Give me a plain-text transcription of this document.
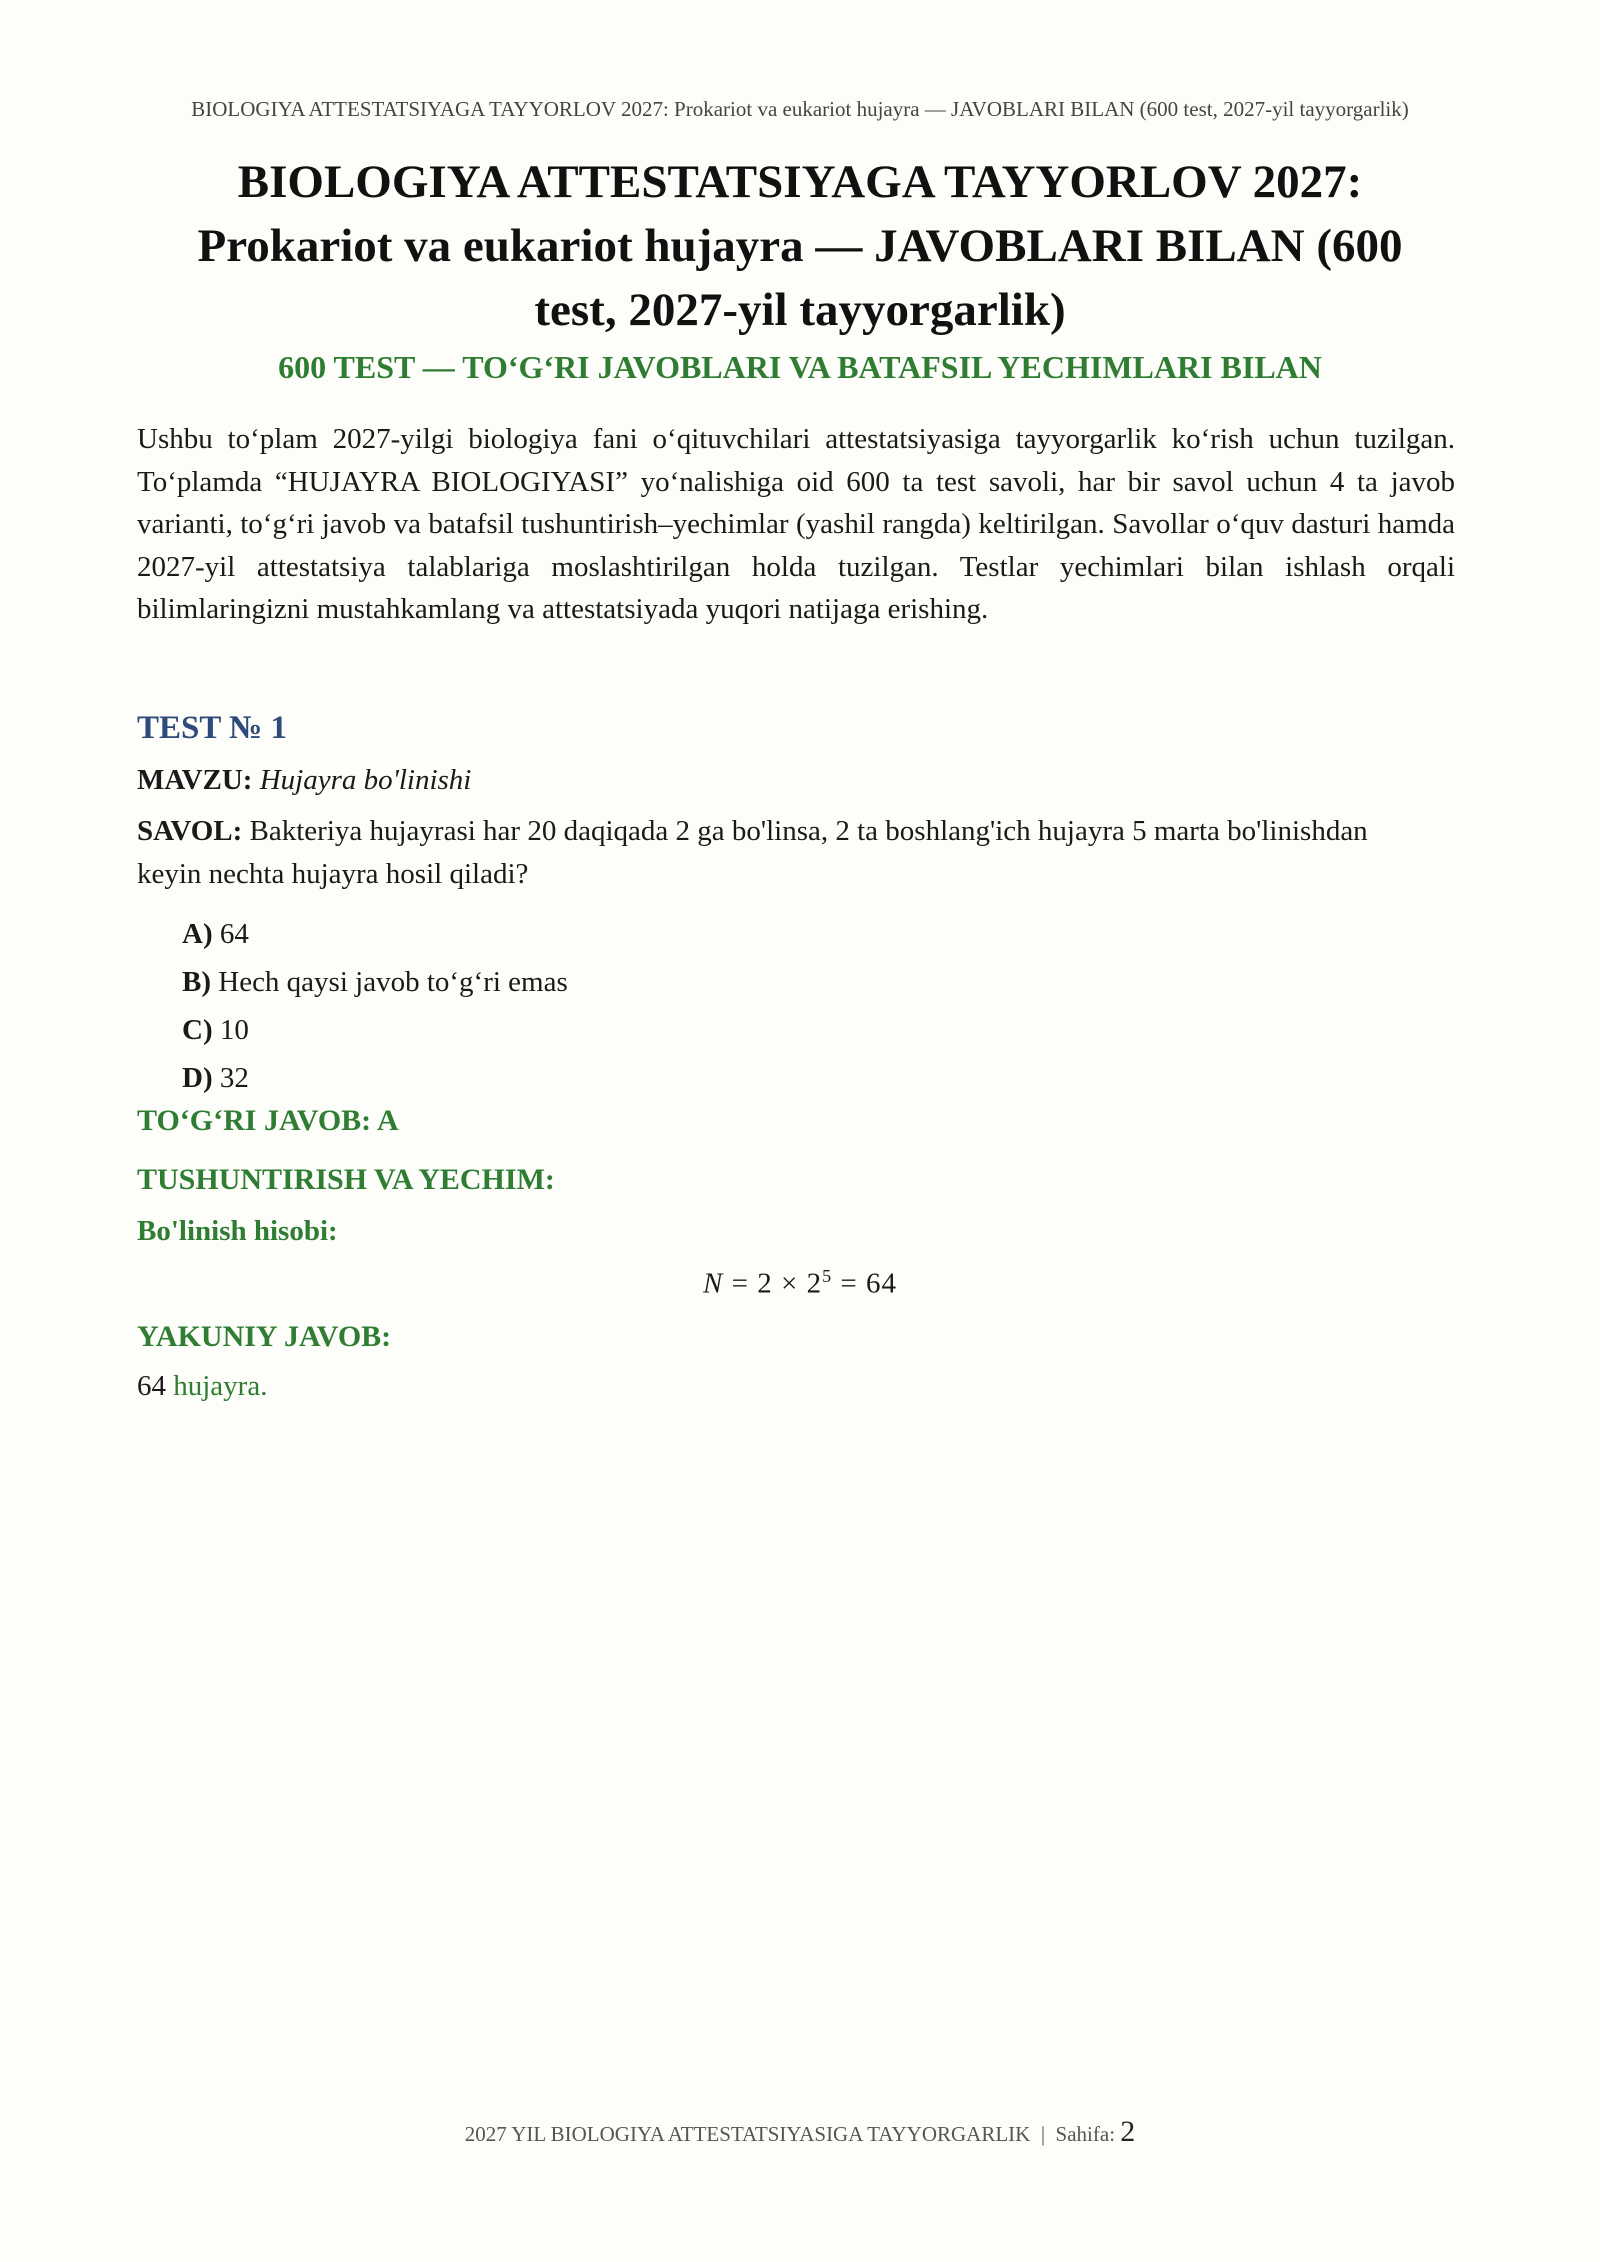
BIOLOGIYA ATTESTATSIYAGA TAYYORLOV 2027: Prokariot va eukariot hujayra — JAVOBLARI BILAN (600 test, 2027-yil tayyorgarlik)
BIOLOGIYA ATTESTATSIYAGA TAYYORLOV 2027:
Prokariot va eukariot hujayra — JAVOBLARI BILAN (600
test, 2027-yil tayyorgarlik)
600 TEST — TO‘G‘RI JAVOBLARI VA BATAFSIL YECHIMLARI BILAN

Ushbu to‘plam 2027-yilgi biologiya fani o‘qituvchilari attestatsiyasiga tayyorgarlik ko‘rish uchun tuzilgan. To‘plamda “HUJAYRA BIOLOGIYASI” yo‘nalishiga oid 600 ta test savoli, har bir savol uchun 4 ta javob varianti, to‘g‘ri javob va batafsil tushuntirish–yechimlar (yashil rangda) keltirilgan. Savollar o‘quv dasturi hamda 2027-yil attestatsiya talablariga moslashtirilgan holda tuzilgan. Testlar yechimlari bilan ishlash orqali bilimlaringizni mustahkamlang va attestatsiyada yuqori natijaga erishing.

TEST № 1
MAVZU: Hujayra bo'linishi

SAVOL: Bakteriya hujayrasi har 20 daqiqada 2 ga bo'linsa, 2 ta boshlang'ich hujayra 5 marta bo'linishdan keyin nechta hujayra hosil qiladi?

A) 64
B) Hech qaysi javob to‘g‘ri emas
C) 10
D) 32
TO‘G‘RI JAVOB: A
TUSHUNTIRISH VA YECHIM:
Bo'linish hisobi:
$N = 2 \times 2^5 = 64$
YAKUNIY JAVOB:
64 hujayra.
2027 YIL BIOLOGIYA ATTESTATSIYASIGA TAYYORGARLIK | Sahifa: 2
